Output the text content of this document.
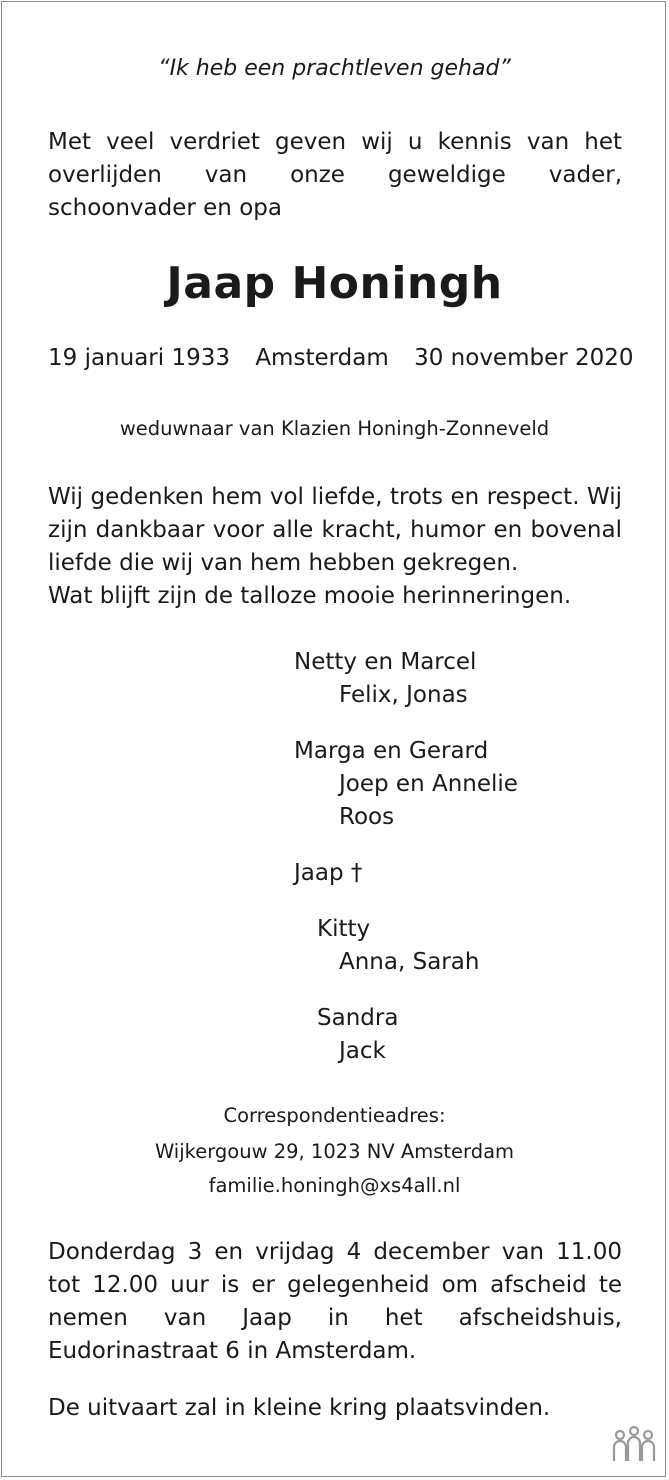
“Ik heb een prachtleven gehad”
Met veel verdriet geven wij u kennis van het overlijden van onze geweldige vader, schoonvader en opa
Jaap Honingh
19 januari 1933 Amsterdam 30 november 2020
weduwnaar van Klazien Honingh-Zonneveld
Wij gedenken hem vol liefde, trots en respect. Wij zijn dankbaar voor alle kracht, humor en bovenal liefde die wij van hem hebben gekregen.
Wat blijft zijn de talloze mooie herinneringen.
Netty en Marcel
Felix, Jonas
Marga en Gerard
Joep en Annelie
Roos
Jaap †
Kitty
Anna, Sarah
Sandra
Jack
Correspondentieadres:
Wijkergouw 29, 1023 NV Amsterdam
familie.honingh@xs4all.nl
Donderdag 3 en vrijdag 4 december van 11.00 tot 12.00 uur is er gelegenheid om afscheid te nemen van Jaap in het afscheidshuis, Eudorinastraat 6 in Amsterdam.
De uitvaart zal in kleine kring plaatsvinden.
